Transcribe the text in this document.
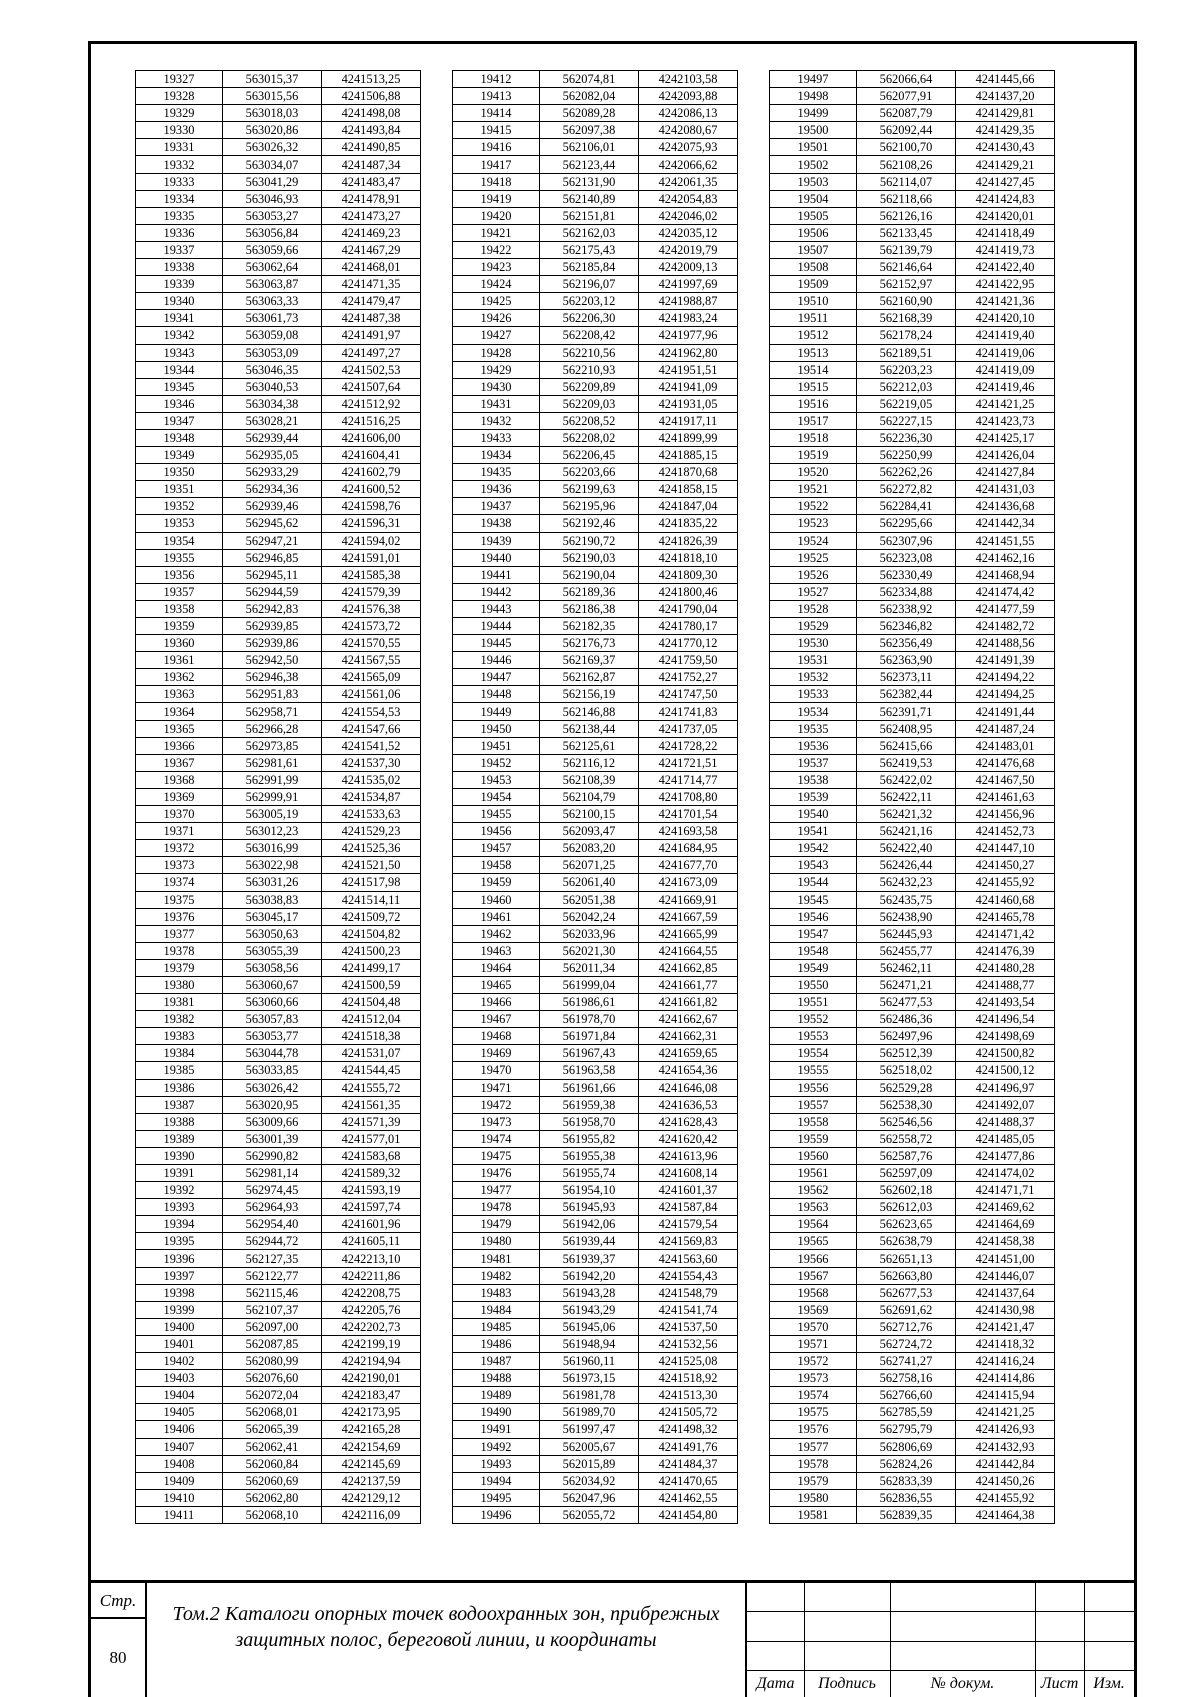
19327	563015,37	4241513,25
19328	563015,56	4241506,88
19329	563018,03	4241498,08
19330	563020,86	4241493,84
19331	563026,32	4241490,85
19332	563034,07	4241487,34
19333	563041,29	4241483,47
19334	563046,93	4241478,91
19335	563053,27	4241473,27
19336	563056,84	4241469,23
19337	563059,66	4241467,29
19338	563062,64	4241468,01
19339	563063,87	4241471,35
19340	563063,33	4241479,47
19341	563061,73	4241487,38
19342	563059,08	4241491,97
19343	563053,09	4241497,27
19344	563046,35	4241502,53
19345	563040,53	4241507,64
19346	563034,38	4241512,92
19347	563028,21	4241516,25
19348	562939,44	4241606,00
19349	562935,05	4241604,41
19350	562933,29	4241602,79
19351	562934,36	4241600,52
19352	562939,46	4241598,76
19353	562945,62	4241596,31
19354	562947,21	4241594,02
19355	562946,85	4241591,01
19356	562945,11	4241585,38
19357	562944,59	4241579,39
19358	562942,83	4241576,38
19359	562939,85	4241573,72
19360	562939,86	4241570,55
19361	562942,50	4241567,55
19362	562946,38	4241565,09
19363	562951,83	4241561,06
19364	562958,71	4241554,53
19365	562966,28	4241547,66
19366	562973,85	4241541,52
19367	562981,61	4241537,30
19368	562991,99	4241535,02
19369	562999,91	4241534,87
19370	563005,19	4241533,63
19371	563012,23	4241529,23
19372	563016,99	4241525,36
19373	563022,98	4241521,50
19374	563031,26	4241517,98
19375	563038,83	4241514,11
19376	563045,17	4241509,72
19377	563050,63	4241504,82
19378	563055,39	4241500,23
19379	563058,56	4241499,17
19380	563060,67	4241500,59
19381	563060,66	4241504,48
19382	563057,83	4241512,04
19383	563053,77	4241518,38
19384	563044,78	4241531,07
19385	563033,85	4241544,45
19386	563026,42	4241555,72
19387	563020,95	4241561,35
19388	563009,66	4241571,39
19389	563001,39	4241577,01
19390	562990,82	4241583,68
19391	562981,14	4241589,32
19392	562974,45	4241593,19
19393	562964,93	4241597,74
19394	562954,40	4241601,96
19395	562944,72	4241605,11
19396	562127,35	4242213,10
19397	562122,77	4242211,86
19398	562115,46	4242208,75
19399	562107,37	4242205,76
19400	562097,00	4242202,73
19401	562087,85	4242199,19
19402	562080,99	4242194,94
19403	562076,60	4242190,01
19404	562072,04	4242183,47
19405	562068,01	4242173,95
19406	562065,39	4242165,28
19407	562062,41	4242154,69
19408	562060,84	4242145,69
19409	562060,69	4242137,59
19410	562062,80	4242129,12
19411	562068,10	4242116,09
19412	562074,81	4242103,58
19413	562082,04	4242093,88
19414	562089,28	4242086,13
19415	562097,38	4242080,67
19416	562106,01	4242075,93
19417	562123,44	4242066,62
19418	562131,90	4242061,35
19419	562140,89	4242054,83
19420	562151,81	4242046,02
19421	562162,03	4242035,12
19422	562175,43	4242019,79
19423	562185,84	4242009,13
19424	562196,07	4241997,69
19425	562203,12	4241988,87
19426	562206,30	4241983,24
19427	562208,42	4241977,96
19428	562210,56	4241962,80
19429	562210,93	4241951,51
19430	562209,89	4241941,09
19431	562209,03	4241931,05
19432	562208,52	4241917,11
19433	562208,02	4241899,99
19434	562206,45	4241885,15
19435	562203,66	4241870,68
19436	562199,63	4241858,15
19437	562195,96	4241847,04
19438	562192,46	4241835,22
19439	562190,72	4241826,39
19440	562190,03	4241818,10
19441	562190,04	4241809,30
19442	562189,36	4241800,46
19443	562186,38	4241790,04
19444	562182,35	4241780,17
19445	562176,73	4241770,12
19446	562169,37	4241759,50
19447	562162,87	4241752,27
19448	562156,19	4241747,50
19449	562146,88	4241741,83
19450	562138,44	4241737,05
19451	562125,61	4241728,22
19452	562116,12	4241721,51
19453	562108,39	4241714,77
19454	562104,79	4241708,80
19455	562100,15	4241701,54
19456	562093,47	4241693,58
19457	562083,20	4241684,95
19458	562071,25	4241677,70
19459	562061,40	4241673,09
19460	562051,38	4241669,91
19461	562042,24	4241667,59
19462	562033,96	4241665,99
19463	562021,30	4241664,55
19464	562011,34	4241662,85
19465	561999,04	4241661,77
19466	561986,61	4241661,82
19467	561978,70	4241662,67
19468	561971,84	4241662,31
19469	561967,43	4241659,65
19470	561963,58	4241654,36
19471	561961,66	4241646,08
19472	561959,38	4241636,53
19473	561958,70	4241628,43
19474	561955,82	4241620,42
19475	561955,38	4241613,96
19476	561955,74	4241608,14
19477	561954,10	4241601,37
19478	561945,93	4241587,84
19479	561942,06	4241579,54
19480	561939,44	4241569,83
19481	561939,37	4241563,60
19482	561942,20	4241554,43
19483	561943,28	4241548,79
19484	561943,29	4241541,74
19485	561945,06	4241537,50
19486	561948,94	4241532,56
19487	561960,11	4241525,08
19488	561973,15	4241518,92
19489	561981,78	4241513,30
19490	561989,70	4241505,72
19491	561997,47	4241498,32
19492	562005,67	4241491,76
19493	562015,89	4241484,37
19494	562034,92	4241470,65
19495	562047,96	4241462,55
19496	562055,72	4241454,80
19497	562066,64	4241445,66
19498	562077,91	4241437,20
19499	562087,79	4241429,81
19500	562092,44	4241429,35
19501	562100,70	4241430,43
19502	562108,26	4241429,21
19503	562114,07	4241427,45
19504	562118,66	4241424,83
19505	562126,16	4241420,01
19506	562133,45	4241418,49
19507	562139,79	4241419,73
19508	562146,64	4241422,40
19509	562152,97	4241422,95
19510	562160,90	4241421,36
19511	562168,39	4241420,10
19512	562178,24	4241419,40
19513	562189,51	4241419,06
19514	562203,23	4241419,09
19515	562212,03	4241419,46
19516	562219,05	4241421,25
19517	562227,15	4241423,73
19518	562236,30	4241425,17
19519	562250,99	4241426,04
19520	562262,26	4241427,84
19521	562272,82	4241431,03
19522	562284,41	4241436,68
19523	562295,66	4241442,34
19524	562307,96	4241451,55
19525	562323,08	4241462,16
19526	562330,49	4241468,94
19527	562334,88	4241474,42
19528	562338,92	4241477,59
19529	562346,82	4241482,72
19530	562356,49	4241488,56
19531	562363,90	4241491,39
19532	562373,11	4241494,22
19533	562382,44	4241494,25
19534	562391,71	4241491,44
19535	562408,95	4241487,24
19536	562415,66	4241483,01
19537	562419,53	4241476,68
19538	562422,02	4241467,50
19539	562422,11	4241461,63
19540	562421,32	4241456,96
19541	562421,16	4241452,73
19542	562422,40	4241447,10
19543	562426,44	4241450,27
19544	562432,23	4241455,92
19545	562435,75	4241460,68
19546	562438,90	4241465,78
19547	562445,93	4241471,42
19548	562455,77	4241476,39
19549	562462,11	4241480,28
19550	562471,21	4241488,77
19551	562477,53	4241493,54
19552	562486,36	4241496,54
19553	562497,96	4241498,69
19554	562512,39	4241500,82
19555	562518,02	4241500,12
19556	562529,28	4241496,97
19557	562538,30	4241492,07
19558	562546,56	4241488,37
19559	562558,72	4241485,05
19560	562587,76	4241477,86
19561	562597,09	4241474,02
19562	562602,18	4241471,71
19563	562612,03	4241469,62
19564	562623,65	4241464,69
19565	562638,79	4241458,38
19566	562651,13	4241451,00
19567	562663,80	4241446,07
19568	562677,53	4241437,64
19569	562691,62	4241430,98
19570	562712,76	4241421,47
19571	562724,72	4241418,32
19572	562741,27	4241416,24
19573	562758,16	4241414,86
19574	562766,60	4241415,94
19575	562785,59	4241421,25
19576	562795,79	4241426,93
19577	562806,69	4241432,93
19578	562824,26	4241442,84
19579	562833,39	4241450,26
19580	562836,55	4241455,92
19581	562839,35	4241464,38
Стр.
80
Том.2 Каталоги опорных точек водоохранных зон, прибрежных
защитных полос, береговой линии, и координаты
Дата	Подпись	№ докум.	Лист Изм.
